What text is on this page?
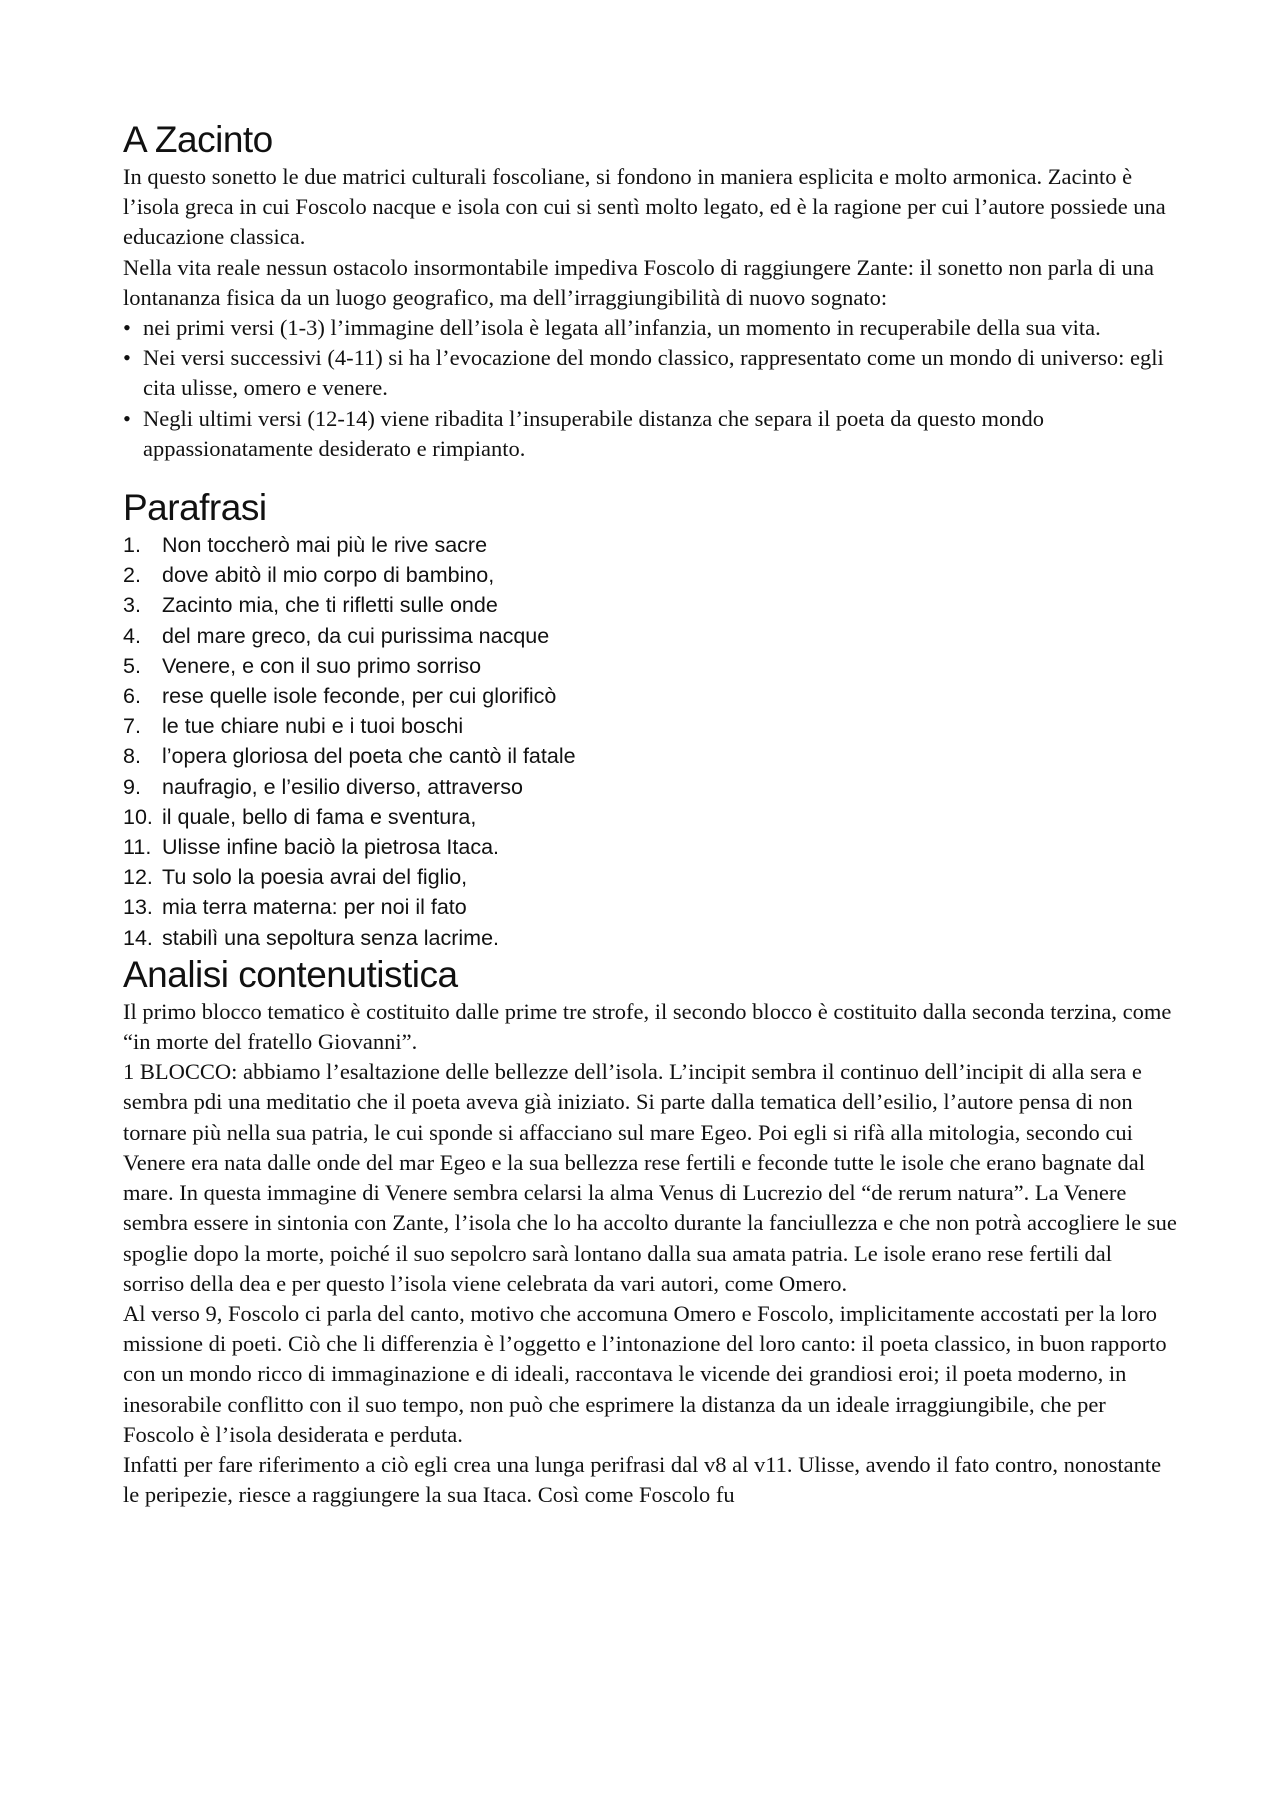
A Zacinto

In questo sonetto le due matrici culturali foscoliane, si fondono in maniera esplicita e molto armonica. Zacinto è l’isola greca in cui Foscolo nacque e isola con cui si sentì molto legato, ed è la ragione per cui l’autore possiede una educazione classica.

Nella vita reale nessun ostacolo insormontabile impediva Foscolo di raggiungere Zante: il sonetto non parla di una lontananza fisica da un luogo geografico, ma dell’irraggiungibilità di nuovo sognato:

• nei primi versi (1-3) l’immagine dell’isola è legata all’infanzia, un momento in recuperabile della sua vita.
• Nei versi successivi (4-11) si ha l’evocazione del mondo classico, rappresentato come un mondo di universo: egli cita ulisse, omero e venere.
• Negli ultimi versi (12-14) viene ribadita l’insuperabile distanza che separa il poeta da questo mondo appassionatamente desiderato e rimpianto.
Parafrasi
1. Non toccherò mai più le rive sacre
2. dove abitò il mio corpo di bambino,
3. Zacinto mia, che ti rifletti sulle onde
4. del mare greco, da cui purissima nacque
5. Venere, e con il suo primo sorriso
6. rese quelle isole feconde, per cui glorificò
7. le tue chiare nubi e i tuoi boschi
8. l’opera gloriosa del poeta che cantò il fatale
9. naufragio, e l’esilio diverso, attraverso
10. il quale, bello di fama e sventura,
11. Ulisse infine baciò la pietrosa Itaca.
12. Tu solo la poesia avrai del figlio,
13. mia terra materna: per noi il fato
14. stabilì una sepoltura senza lacrime.
Analisi contenutistica

Il primo blocco tematico è costituito dalle prime tre strofe, il secondo blocco è costituito dalla seconda terzina, come “in morte del fratello Giovanni”.

1 BLOCCO: abbiamo l’esaltazione delle bellezze dell’isola. L’incipit sembra il continuo dell’incipit di alla sera e sembra pdi una meditatio che il poeta aveva già iniziato. Si parte dalla tematica dell’esilio, l’autore pensa di non tornare più nella sua patria, le cui sponde si affacciano sul mare Egeo. Poi egli si rifà alla mitologia, secondo cui Venere era nata dalle onde del mar Egeo e la sua bellezza rese fertili e feconde tutte le isole che erano bagnate dal mare. In questa immagine di Venere sembra celarsi la alma Venus di Lucrezio del “de rerum natura”. La Venere sembra essere in sintonia con Zante, l’isola che lo ha accolto durante la fanciullezza e che non potrà accogliere le sue spoglie dopo la morte, poiché il suo sepolcro sarà lontano dalla sua amata patria. Le isole erano rese fertili dal sorriso della dea e per questo l’isola viene celebrata da vari autori, come Omero.

Al verso 9, Foscolo ci parla del canto, motivo che accomuna Omero e Foscolo, implicitamente accostati per la loro missione di poeti. Ciò che li differenzia è l’oggetto e l’intonazione del loro canto: il poeta classico, in buon rapporto con un mondo ricco di immaginazione e di ideali, raccontava le vicende dei grandiosi eroi; il poeta moderno, in inesorabile conflitto con il suo tempo, non può che esprimere la distanza da un ideale irraggiungibile, che per Foscolo è l’isola desiderata e perduta.

Infatti per fare riferimento a ciò egli crea una lunga perifrasi dal v8 al v11. Ulisse, avendo il fato contro, nonostante le peripezie, riesce a raggiungere la sua Itaca. Così come Foscolo fu
